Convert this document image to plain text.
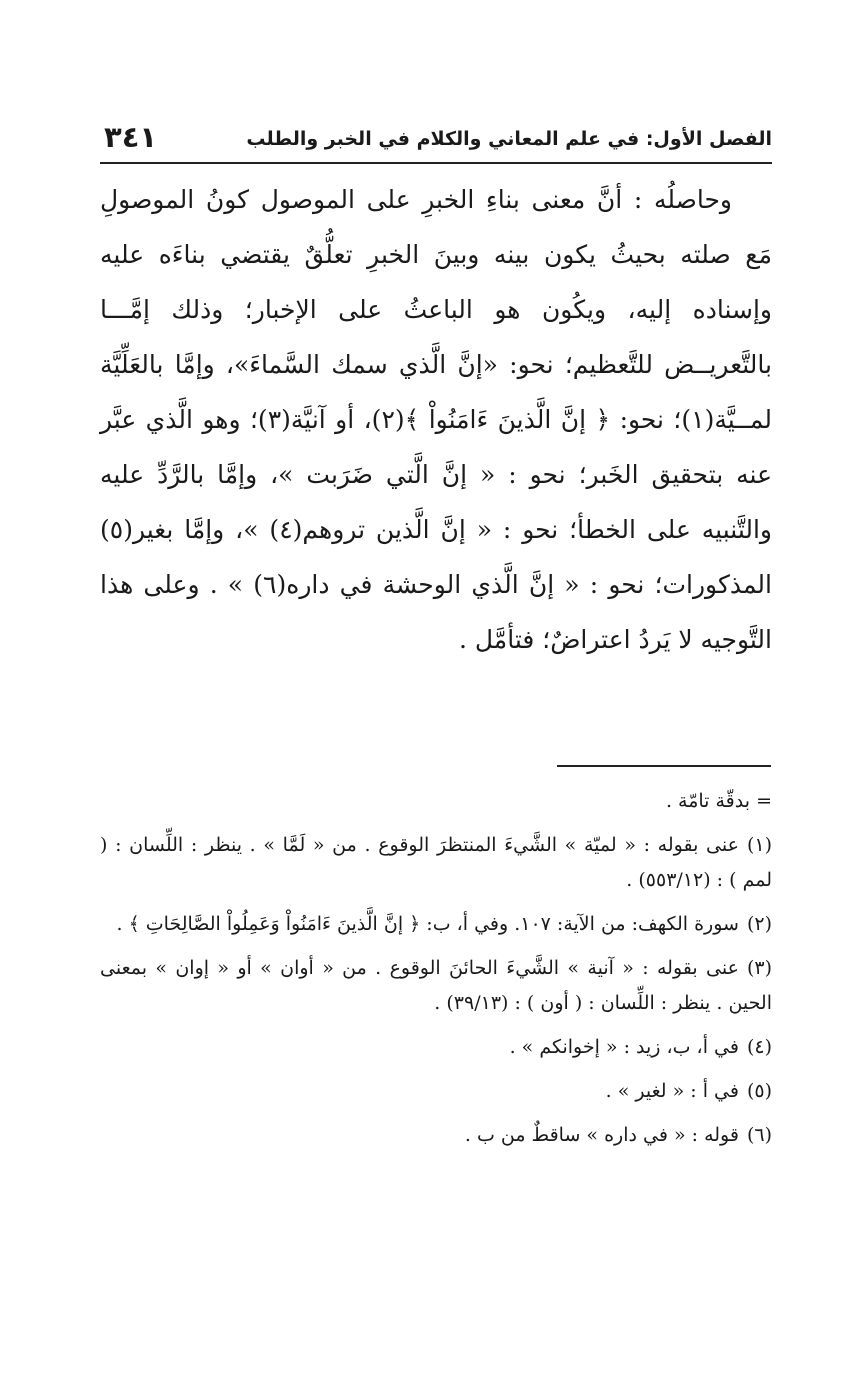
الفصل الأول: في علم المعاني والكلام في الخبر والطلب
٣٤١

وحاصلُه : أنَّ معنى بناءِ الخبرِ على الموصول كونُ الموصولِ مَع صلته بحيثُ يكون بينه وبينَ الخبرِ تعلُّقٌ يقتضي بناءَه عليه وإسناده إليه، ويكُون هو الباعثُ على الإخبار؛ وذلك إمَّـــا بالتَّعريــض للتَّعظيم؛ نحو: «إنَّ الَّذي سمك السَّماءَ»، وإمَّا بالعَلِّيَّة لمــيَّة(١)؛ نحو: ﴿ إنَّ الَّذينَ ءَامَنُواْ ﴾(٢)، أو آنيَّة(٣)؛ وهو الَّذي عبَّر عنه بتحقيق الخَبر؛ نحو : « إنَّ الَّتي ضَرَبت »، وإمَّا بالرَّدِّ عليه والتَّنبيه على الخطأ؛ نحو : « إنَّ الَّذين تروهم(٤) »، وإمَّا بغير(٥) المذكورات؛ نحو : « إنَّ الَّذي الوحشة في داره(٦) » . وعلى هذا التَّوجيه لا يَردُ اعتراضٌ؛ فتأمَّل .

= بدقّة تامّة .
(١)عنى بقوله : « لميّة » الشَّيءَ المنتظرَ الوقوع . من « لَمَّا » . ينظر : اللِّسان : ( لمم ) : (٥٥٣/١٢) .
(٢)سورة الكهف: من الآية: ١٠٧. وفي أ، ب: ﴿ إنَّ الَّذينَ ءَامَنُواْ وَعَمِلُواْ الصَّالِحَاتِ ﴾ .
(٣)عنى بقوله : « آنية » الشَّيءَ الحائنَ الوقوع . من « أوان » أو « إوان » بمعنى الحين . ينظر : اللِّسان : ( أون ) : (٣٩/١٣) .
(٤)في أ، ب، زيد : « إخوانكم » .
(٥)في أ : « لغير » .
(٦)قوله : « في داره » ساقطٌ من ب .
